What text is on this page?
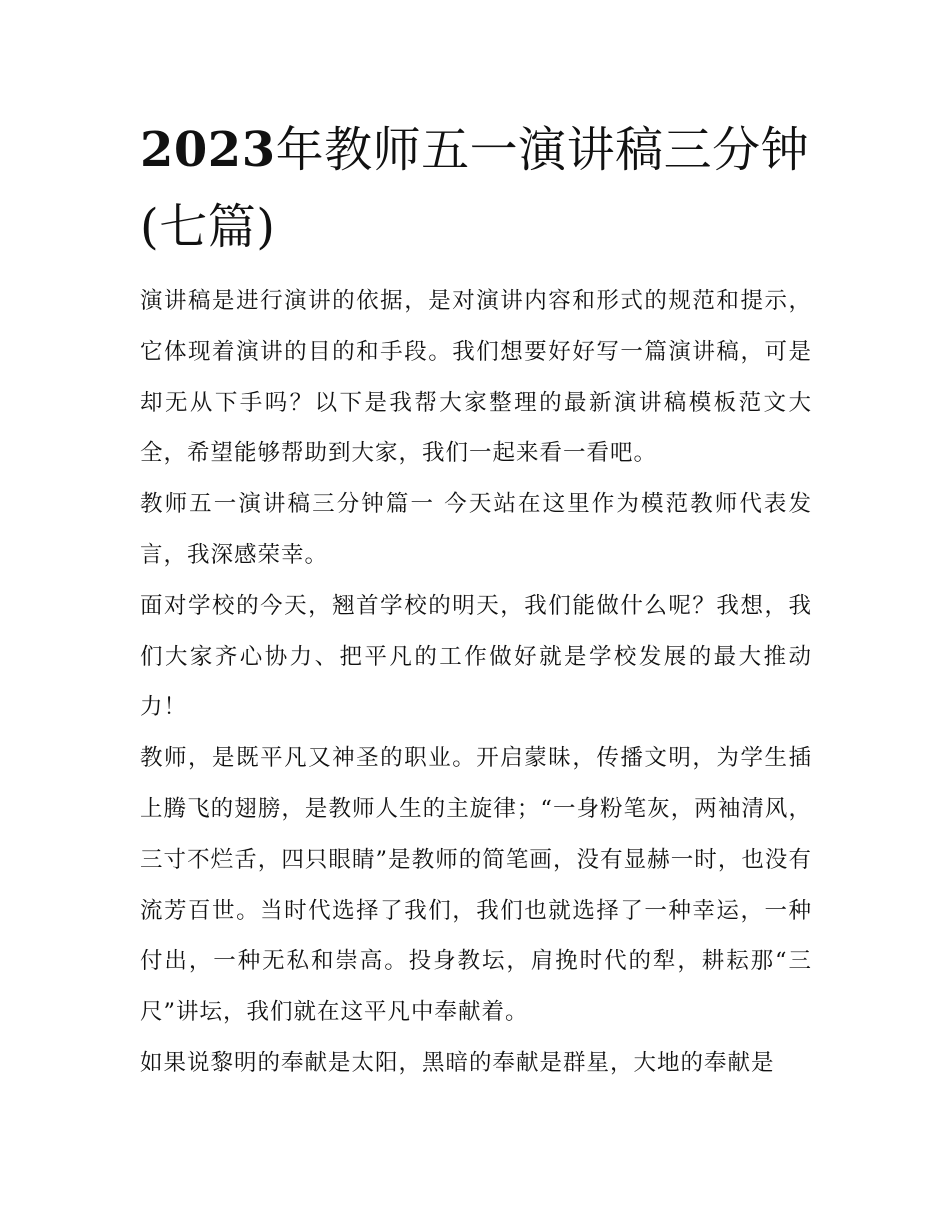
2023年教师五一演讲稿三分钟(七篇)

演讲稿是进行演讲的依据，是对演讲内容和形式的规范和提示，它体现着演讲的目的和手段。我们想要好好写一篇演讲稿，可是却无从下手吗？以下是我帮大家整理的最新演讲稿模板范文大全，希望能够帮助到大家，我们一起来看一看吧。

教师五一演讲稿三分钟篇一 今天站在这里作为模范教师代表发言，我深感荣幸。

面对学校的今天，翘首学校的明天，我们能做什么呢？我想，我们大家齐心协力、把平凡的工作做好就是学校发展的最大推动力！

教师，是既平凡又神圣的职业。开启蒙昧，传播文明，为学生插上腾飞的翅膀，是教师人生的主旋律；“一身粉笔灰，两袖清风，三寸不烂舌，四只眼睛”是教师的简笔画，没有显赫一时，也没有流芳百世。当时代选择了我们，我们也就选择了一种幸运，一种付出，一种无私和崇高。投身教坛，肩挽时代的犁，耕耘那“三尺”讲坛，我们就在这平凡中奉献着。

如果说黎明的奉献是太阳，黑暗的奉献是群星，大地的奉献是
